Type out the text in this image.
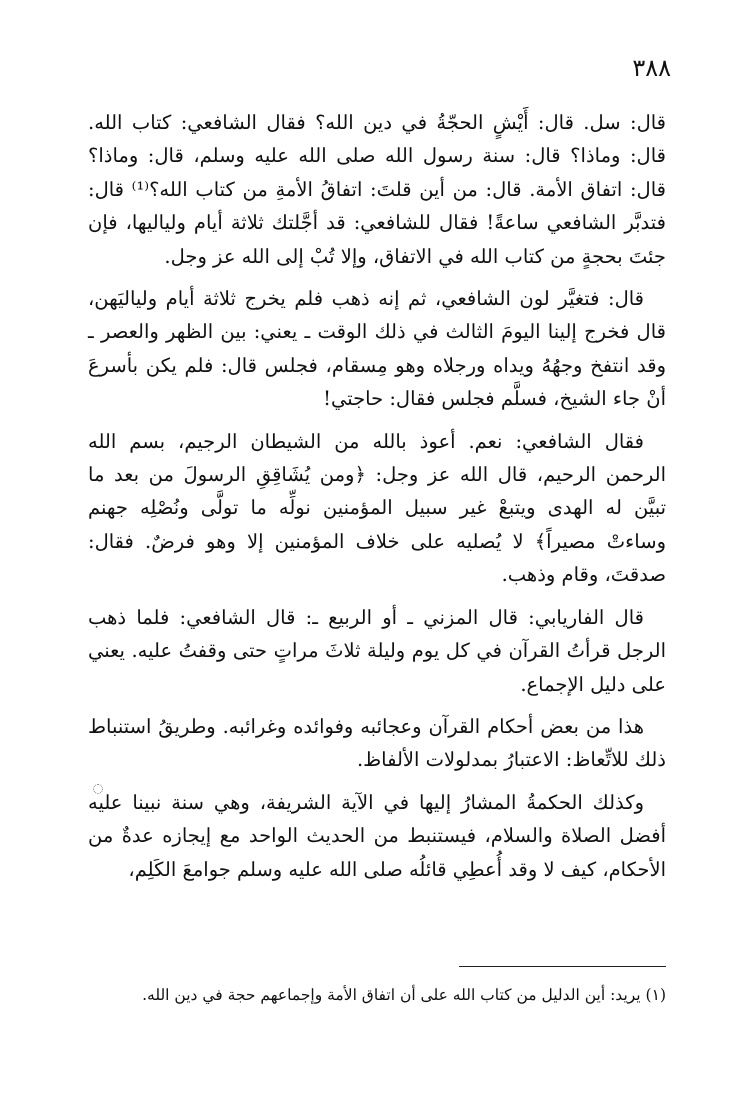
٣٨٨

قال: سل. قال: أَيْشٍ الحجّةُ في دين الله؟ فقال الشافعي: كتاب الله. قال: وماذا؟ قال: سنة رسول الله صلى الله عليه وسلم، قال: وماذا؟ قال: اتفاق الأمة. قال: من أين قلتَ: اتفاقُ الأمةِ من كتاب الله؟⁽¹⁾ قال: فتدبَّر الشافعي ساعةً! فقال للشافعي: قد أجَّلتك ثلاثة أيام ولياليها، فإن جئتَ بحجةٍ من كتاب الله في الاتفاق، وإلا تُبْ إلى الله عز وجل.

قال: فتغيَّر لون الشافعي، ثم إنه ذهب فلم يخرج ثلاثة أيام ولياليَهن، قال فخرج إلينا اليومَ الثالث في ذلك الوقت ـ يعني: بين الظهر والعصر ـ وقد انتفخ وجهُهُ ويداه ورجلاه وهو مِسقام، فجلس قال: فلم يكن بأسرعَ أنْ جاء الشيخ، فسلَّم فجلس فقال: حاجتي!

فقال الشافعي: نعم. أعوذ بالله من الشيطان الرجيم، بسم الله الرحمن الرحيم، قال الله عز وجل: ﴿ومن يُشَاقِقِ الرسولَ من بعد ما تبيَّن له الهدى ويتبعْ غير سبيل المؤمنين نولِّه ما تولَّى ونُصْلِه جهنم وساءتْ مصيراً﴾ لا يُصليه على خلاف المؤمنين إلا وهو فرضٌ. فقال: صدقتَ، وقام وذهب.

قال الفاريابي: قال المزني ـ أو الربيع ـ: قال الشافعي: فلما ذهب الرجل قرأتُ القرآن في كل يوم وليلة ثلاثَ مراتٍ حتى وقفتُ عليه. يعني على دليل الإجماع.

هذا من بعض أحكام القرآن وعجائبه وفوائده وغرائبه. وطريقُ استنباط ذلك للاتِّعاظ: الاعتبارُ بمدلولات الألفاظ.

وكذلك الحكمةُ المشارُ إليها في الآية الشريفة، وهي سنة نبينا عليه أفضل الصلاة والسلام، فيستنبط من الحديث الواحد مع إيجازه عدةٌ من الأحكام، كيف لا وقد أُعطِي قائلُه صلى الله عليه وسلم جوامعَ الكَلِم،

(١) يريد: أين الدليل من كتاب الله على أن اتفاق الأمة وإجماعهم حجة في دين الله.
